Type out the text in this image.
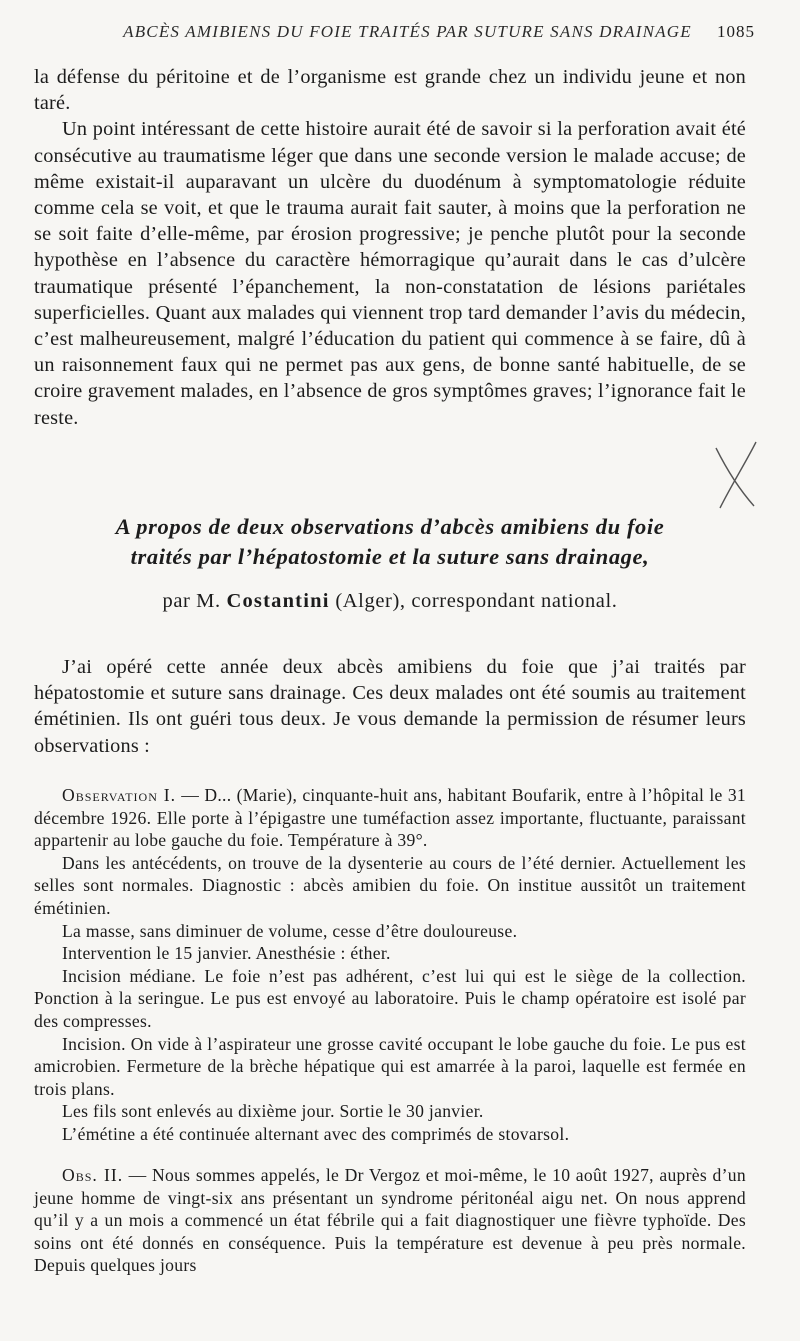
ABCÈS AMIBIENS DU FOIE TRAITÉS PAR SUTURE SANS DRAINAGE	1085

la défense du péritoine et de l’organisme est grande chez un individu jeune et non taré.

Un point intéressant de cette histoire aurait été de savoir si la perforation avait été consécutive au traumatisme léger que dans une seconde version le malade accuse; de même existait-il auparavant un ulcère du duodénum à symptomatologie réduite comme cela se voit, et que le trauma aurait fait sauter, à moins que la perforation ne se soit faite d’elle-même, par érosion progressive; je penche plutôt pour la seconde hypothèse en l’absence du caractère hémorragique qu’aurait dans le cas d’ulcère traumatique présenté l’épanchement, la non-constatation de lésions pariétales superficielles. Quant aux malades qui viennent trop tard demander l’avis du médecin, c’est malheureusement, malgré l’éducation du patient qui commence à se faire, dû à un raisonnement faux qui ne permet pas aux gens, de bonne santé habituelle, de se croire gravement malades, en l’absence de gros symptômes graves; l’ignorance fait le reste.

A propos de deux observations d’abcès amibiens du foie
traités par l’hépatostomie et la suture sans drainage,
par M. Costantini (Alger), correspondant national.

J’ai opéré cette année deux abcès amibiens du foie que j’ai traités par hépatostomie et suture sans drainage. Ces deux malades ont été soumis au traitement émétinien. Ils ont guéri tous deux. Je vous demande la permission de résumer leurs observations :

Observation I. — D... (Marie), cinquante-huit ans, habitant Boufarik, entre à l’hôpital le 31 décembre 1926. Elle porte à l’épigastre une tuméfaction assez importante, fluctuante, paraissant appartenir au lobe gauche du foie. Température à 39°.

Dans les antécédents, on trouve de la dysenterie au cours de l’été dernier. Actuellement les selles sont normales. Diagnostic : abcès amibien du foie. On institue aussitôt un traitement émétinien.

La masse, sans diminuer de volume, cesse d’être douloureuse.

Intervention le 15 janvier. Anesthésie : éther.

Incision médiane. Le foie n’est pas adhérent, c’est lui qui est le siège de la collection. Ponction à la seringue. Le pus est envoyé au laboratoire. Puis le champ opératoire est isolé par des compresses.

Incision. On vide à l’aspirateur une grosse cavité occupant le lobe gauche du foie. Le pus est amicrobien. Fermeture de la brèche hépatique qui est amarrée à la paroi, laquelle est fermée en trois plans.

Les fils sont enlevés au dixième jour. Sortie le 30 janvier.

L’émétine a été continuée alternant avec des comprimés de stovarsol.

Obs. II. — Nous sommes appelés, le Dr Vergoz et moi-même, le 10 août 1927, auprès d’un jeune homme de vingt-six ans présentant un syndrome péritonéal aigu net. On nous apprend qu’il y a un mois a commencé un état fébrile qui a fait diagnostiquer une fièvre typhoïde. Des soins ont été donnés en conséquence. Puis la température est devenue à peu près normale. Depuis quelques jours
